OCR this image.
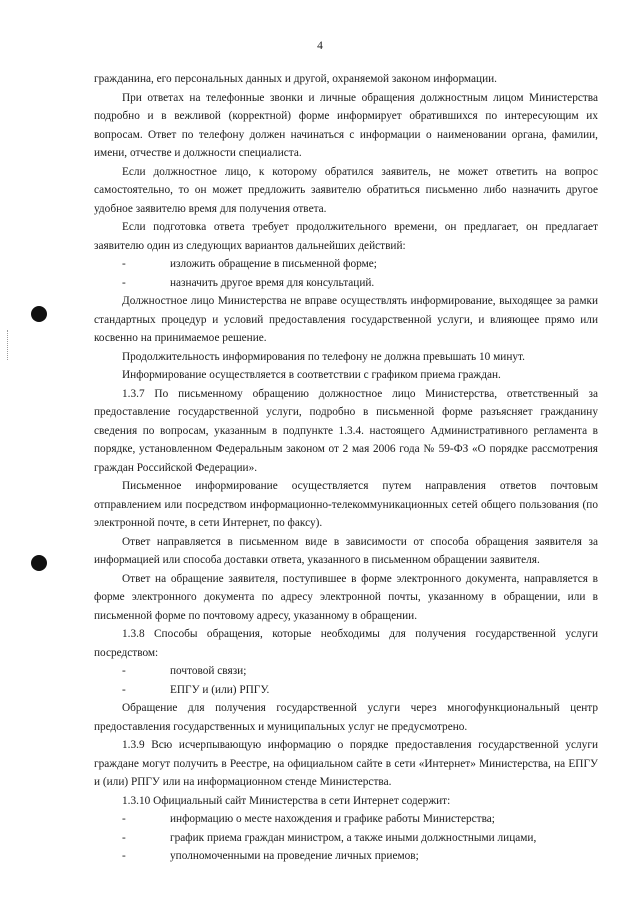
4

гражданина, его персональных данных и другой, охраняемой законом информации.

При ответах на телефонные звонки и личные обращения должностным лицом Министерства подробно и в вежливой (корректной) форме информирует обратившихся по интересующим их вопросам. Ответ по телефону должен начинаться с информации о наименовании органа, фамилии, имени, отчестве и должности специалиста.

Если должностное лицо, к которому обратился заявитель, не может ответить на вопрос самостоятельно, то он может предложить заявителю обратиться письменно либо назначить другое удобное заявителю время для получения ответа.

Если подготовка ответа требует продолжительного времени, он предлагает, он предлагает заявителю один из следующих вариантов дальнейших действий:

-	изложить обращение в письменной форме;
-	назначить другое время для консультаций.

Должностное лицо Министерства не вправе осуществлять информирование, выходящее за рамки стандартных процедур и условий предоставления государственной услуги, и влияющее прямо или косвенно на принимаемое решение.

Продолжительность информирования по телефону не должна превышать 10 минут.

Информирование осуществляется в соответствии с графиком приема граждан.

1.3.7 По письменному обращению должностное лицо Министерства, ответственный за предоставление государственной услуги, подробно в письменной форме разъясняет гражданину сведения по вопросам, указанным в подпункте 1.3.4. настоящего Административного регламента в порядке, установленном Федеральным законом от 2 мая 2006 года № 59-ФЗ «О порядке рассмотрения граждан Российской Федерации».

Письменное информирование осуществляется путем направления ответов почтовым отправлением или посредством информационно-телекоммуникационных сетей общего пользования (по электронной почте, в сети Интернет, по факсу).

Ответ направляется в письменном виде в зависимости от способа обращения заявителя за информацией или способа доставки ответа, указанного в письменном обращении заявителя.

Ответ на обращение заявителя, поступившее в форме электронного документа, направляется в форме электронного документа по адресу электронной почты, указанному в обращении, или в письменной форме по почтовому адресу, указанному в обращении.

1.3.8 Способы обращения, которые необходимы для получения государственной услуги посредством:

-	почтовой связи;
-	ЕПГУ и (или) РПГУ.

Обращение для получения государственной услуги через многофункциональный центр предоставления государственных и муниципальных услуг не предусмотрено.

1.3.9 Всю исчерпывающую информацию о порядке предоставления государственной услуги граждане могут получить в Реестре, на официальном сайте в сети «Интернет» Министерства, на ЕПГУ и (или) РПГУ или на информационном стенде Министерства.

1.3.10 Официальный сайт Министерства в сети Интернет содержит:

-	информацию о месте нахождения и графике работы Министерства;
-	график приема граждан министром, а также иными должностными лицами,
-	уполномоченными на проведение личных приемов;
